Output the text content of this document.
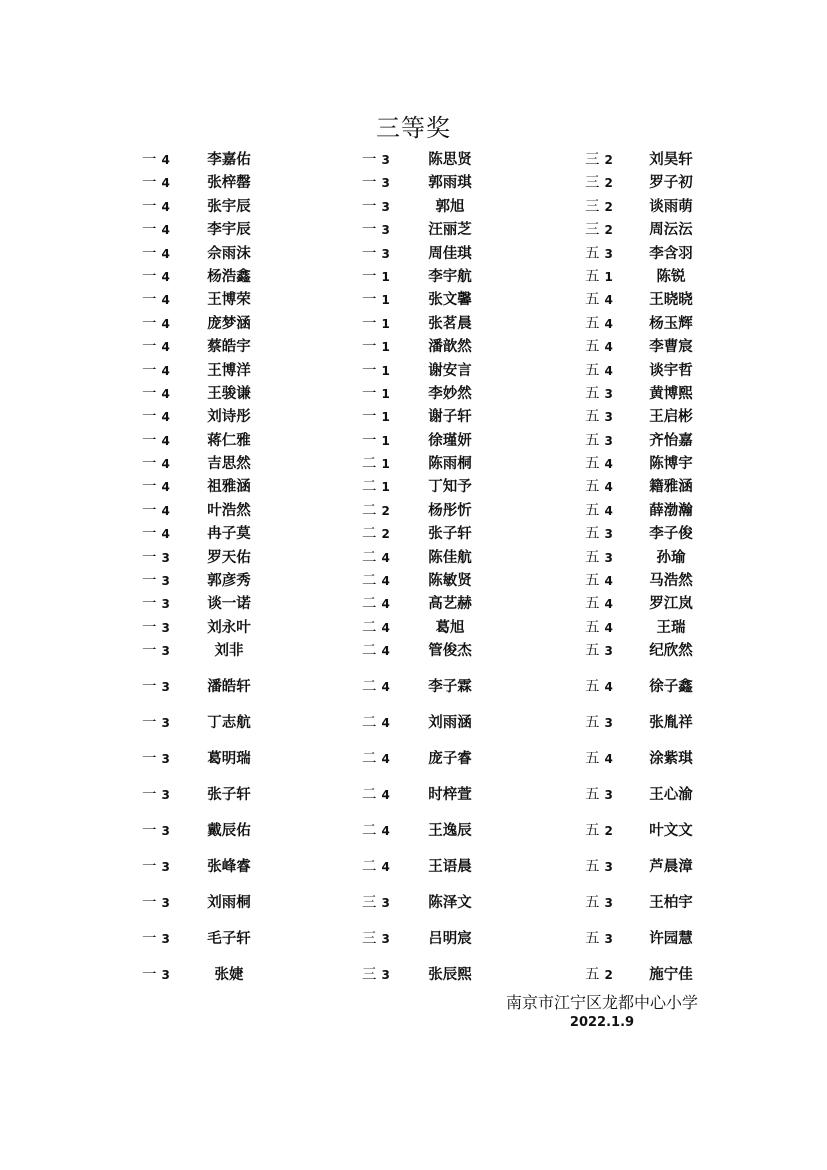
三等奖
一 4	李嘉佑	一 3	陈思贤	三 2	刘昊轩
一 4	张梓罄	一 3	郭雨琪	三 2	罗子初
一 4	张宇辰	一 3	郭旭	三 2	谈雨萌
一 4	李宇辰	一 3	汪丽芝	三 2	周沄沄
一 4	佘雨沫	一 3	周佳琪	五 3	李含羽
一 4	杨浩鑫	一 1	李宇航	五 1	陈锐
一 4	王博荣	一 1	张文馨	五 4	王晓晓
一 4	庞梦涵	一 1	张茗晨	五 4	杨玉辉
一 4	蔡皓宇	一 1	潘歆然	五 4	李曹宸
一 4	王博洋	一 1	谢安言	五 4	谈宇哲
一 4	王骏谦	一 1	李妙然	五 3	黄博熙
一 4	刘诗彤	一 1	谢子轩	五 3	王启彬
一 4	蒋仁雅	一 1	徐瑾妍	五 3	齐怡嘉
一 4	吉思然	二 1	陈雨桐	五 4	陈博宇
一 4	祖雅涵	二 1	丁知予	五 4	籍雅涵
一 4	叶浩然	二 2	杨彤忻	五 4	薛渤瀚
一 4	冉子莫	二 2	张子轩	五 3	李子俊
一 3	罗天佑	二 4	陈佳航	五 3	孙瑜
一 3	郭彦秀	二 4	陈敏贤	五 4	马浩然
一 3	谈一诺	二 4	高艺赫	五 4	罗江岚
一 3	刘永叶	二 4	葛旭	五 4	王瑞
一 3	刘非	二 4	管俊杰	五 3	纪欣然
一 3	潘皓轩	二 4	李子霖	五 4	徐子鑫
一 3	丁志航	二 4	刘雨涵	五 3	张胤祥
一 3	葛明瑞	二 4	庞子睿	五 4	涂紫琪
一 3	张子轩	二 4	时梓萱	五 3	王心渝
一 3	戴辰佑	二 4	王逸辰	五 2	叶文文
一 3	张峰睿	二 4	王语晨	五 3	芦晨漳
一 3	刘雨桐	三 3	陈泽文	五 3	王柏宇
一 3	毛子轩	三 3	吕明宸	五 3	许园慧
一 3	张婕	三 3	张辰熙	五 2	施宁佳
南京市江宁区龙都中心小学
2022.1.9
